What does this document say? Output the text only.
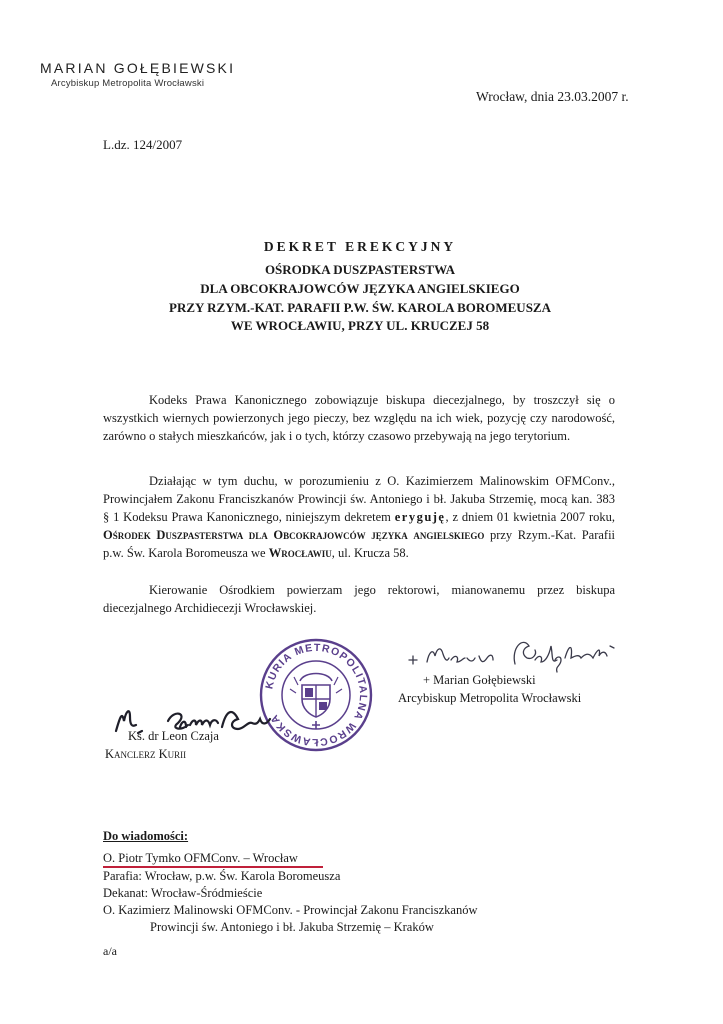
MARIAN GOŁĘBIEWSKI
Arcybiskup Metropolita Wrocławski
Wrocław, dnia 23.03.2007 r.
L.dz. 124/2007
DEKRET EREKCYJNY
OŚRODKA DUSZPASTERSTWA
DLA OBCOKRAJOWCÓW JĘZYKA ANGIELSKIEGO
PRZY RZYM.-KAT. PARAFII P.W. ŚW. KAROLA BOROMEUSZA
WE WROCŁAWIU, PRZY UL. KRUCZEJ 58
Kodeks Prawa Kanonicznego zobowiązuje biskupa diecezjalnego, by troszczył się o wszystkich wiernych powierzonych jego pieczy, bez względu na ich wiek, pozycję czy narodowość, zarówno o stałych mieszkańców, jak i o tych, którzy czasowo przebywają na jego terytorium.
Działając w tym duchu, w porozumieniu z O. Kazimierzem Malinowskim OFMConv., Prowincjałem Zakonu Franciszkanów Prowincji św. Antoniego i bł. Jakuba Strzemię, mocą kan. 383 § 1 Kodeksu Prawa Kanonicznego, niniejszym dekretem eryguję, z dniem 01 kwietnia 2007 roku, Ośrodek Duszpasterstwa dla Obcokrajowców języka angielskiego przy Rzym.-Kat. Parafii p.w. Św. Karola Boromeusza we Wrocławiu, ul. Krucza 58.
Kierowanie Ośrodkiem powierzam jego rektorowi, mianowanemu przez biskupa diecezjalnego Archidiecezji Wrocławskiej.
+ Marian Gołębiewski
Arcybiskup Metropolita Wrocławski
KURIA METROPOLITALNA WROCŁAWSKA
Ks. dr Leon Czaja
Kanclerz Kurii
Do wiadomości:
O. Piotr Tymko OFMConv. – Wrocław
Parafia: Wrocław, p.w. Św. Karola Boromeusza
Dekanat: Wrocław-Śródmieście
O. Kazimierz Malinowski OFMConv. - Prowincjał Zakonu Franciszkanów
Prowincji św. Antoniego i bł. Jakuba Strzemię – Kraków
a/a
